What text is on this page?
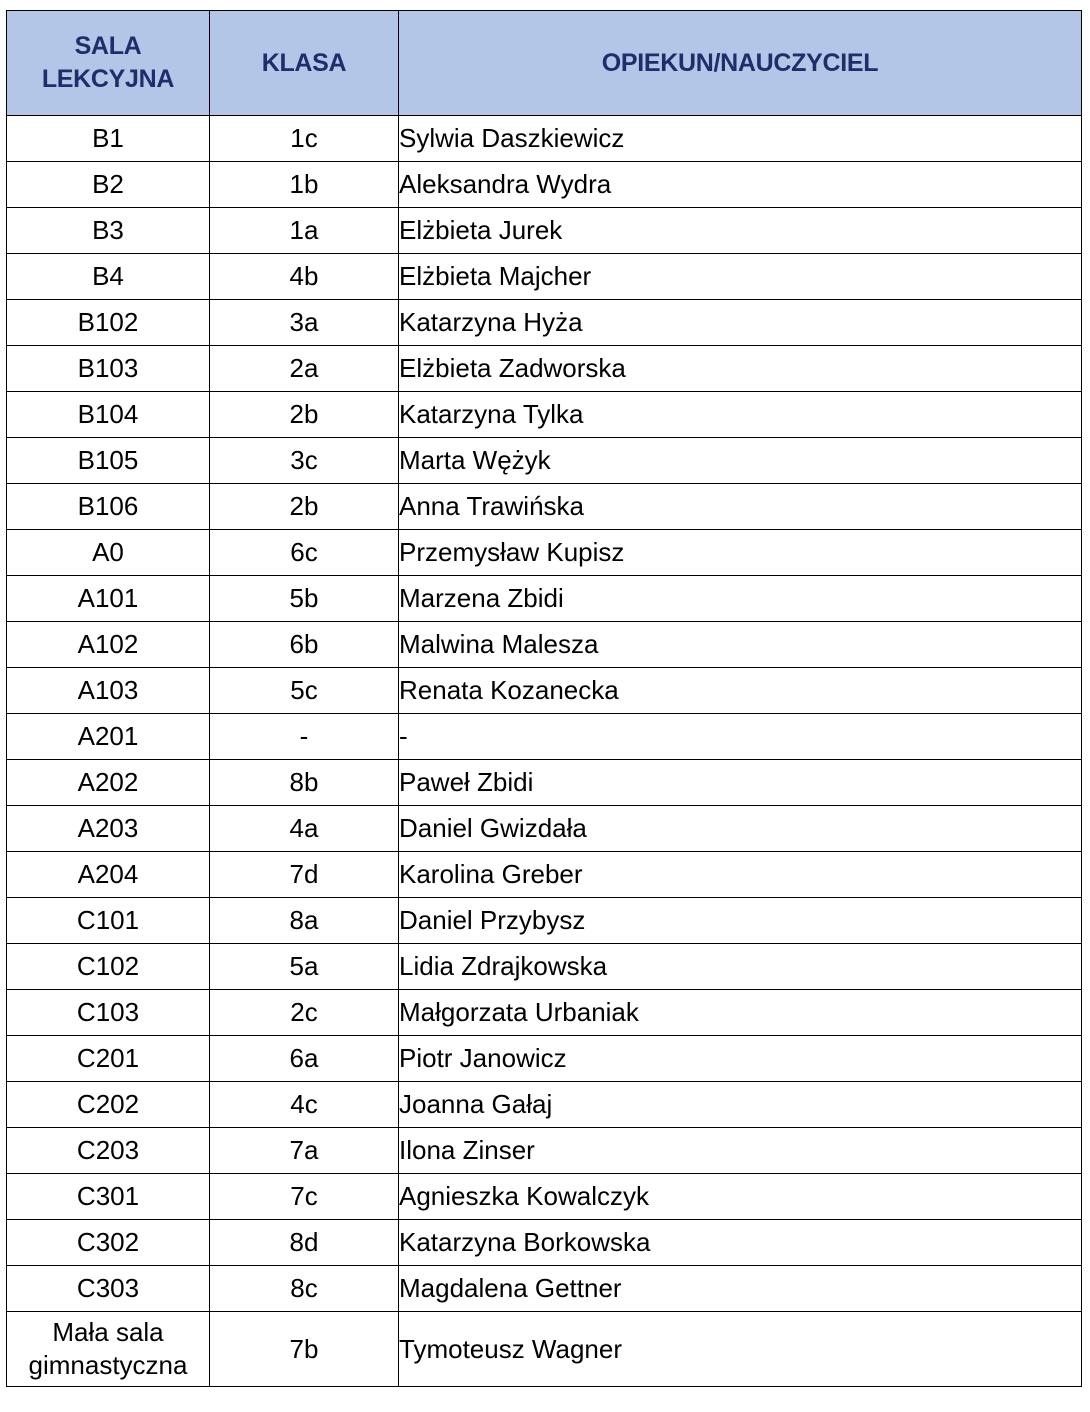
SALA LEKCYJNA	KLASA	OPIEKUN/NAUCZYCIEL
B1	1c	Sylwia Daszkiewicz
B2	1b	Aleksandra Wydra
B3	1a	Elżbieta Jurek
B4	4b	Elżbieta Majcher
B102	3a	Katarzyna Hyża
B103	2a	Elżbieta Zadworska
B104	2b	Katarzyna Tylka
B105	3c	Marta Wężyk
B106	2b	Anna Trawińska
A0	6c	Przemysław Kupisz
A101	5b	Marzena Zbidi
A102	6b	Malwina Malesza
A103	5c	Renata Kozanecka
A201	-	-
A202	8b	Paweł Zbidi
A203	4a	Daniel Gwizdała
A204	7d	Karolina Greber
C101	8a	Daniel Przybysz
C102	5a	Lidia Zdrajkowska
C103	2c	Małgorzata Urbaniak
C201	6a	Piotr Janowicz
C202	4c	Joanna Gałaj
C203	7a	Ilona Zinser
C301	7c	Agnieszka Kowalczyk
C302	8d	Katarzyna Borkowska
C303	8c	Magdalena Gettner
Mała sala gimnastyczna	7b	Tymoteusz Wagner
